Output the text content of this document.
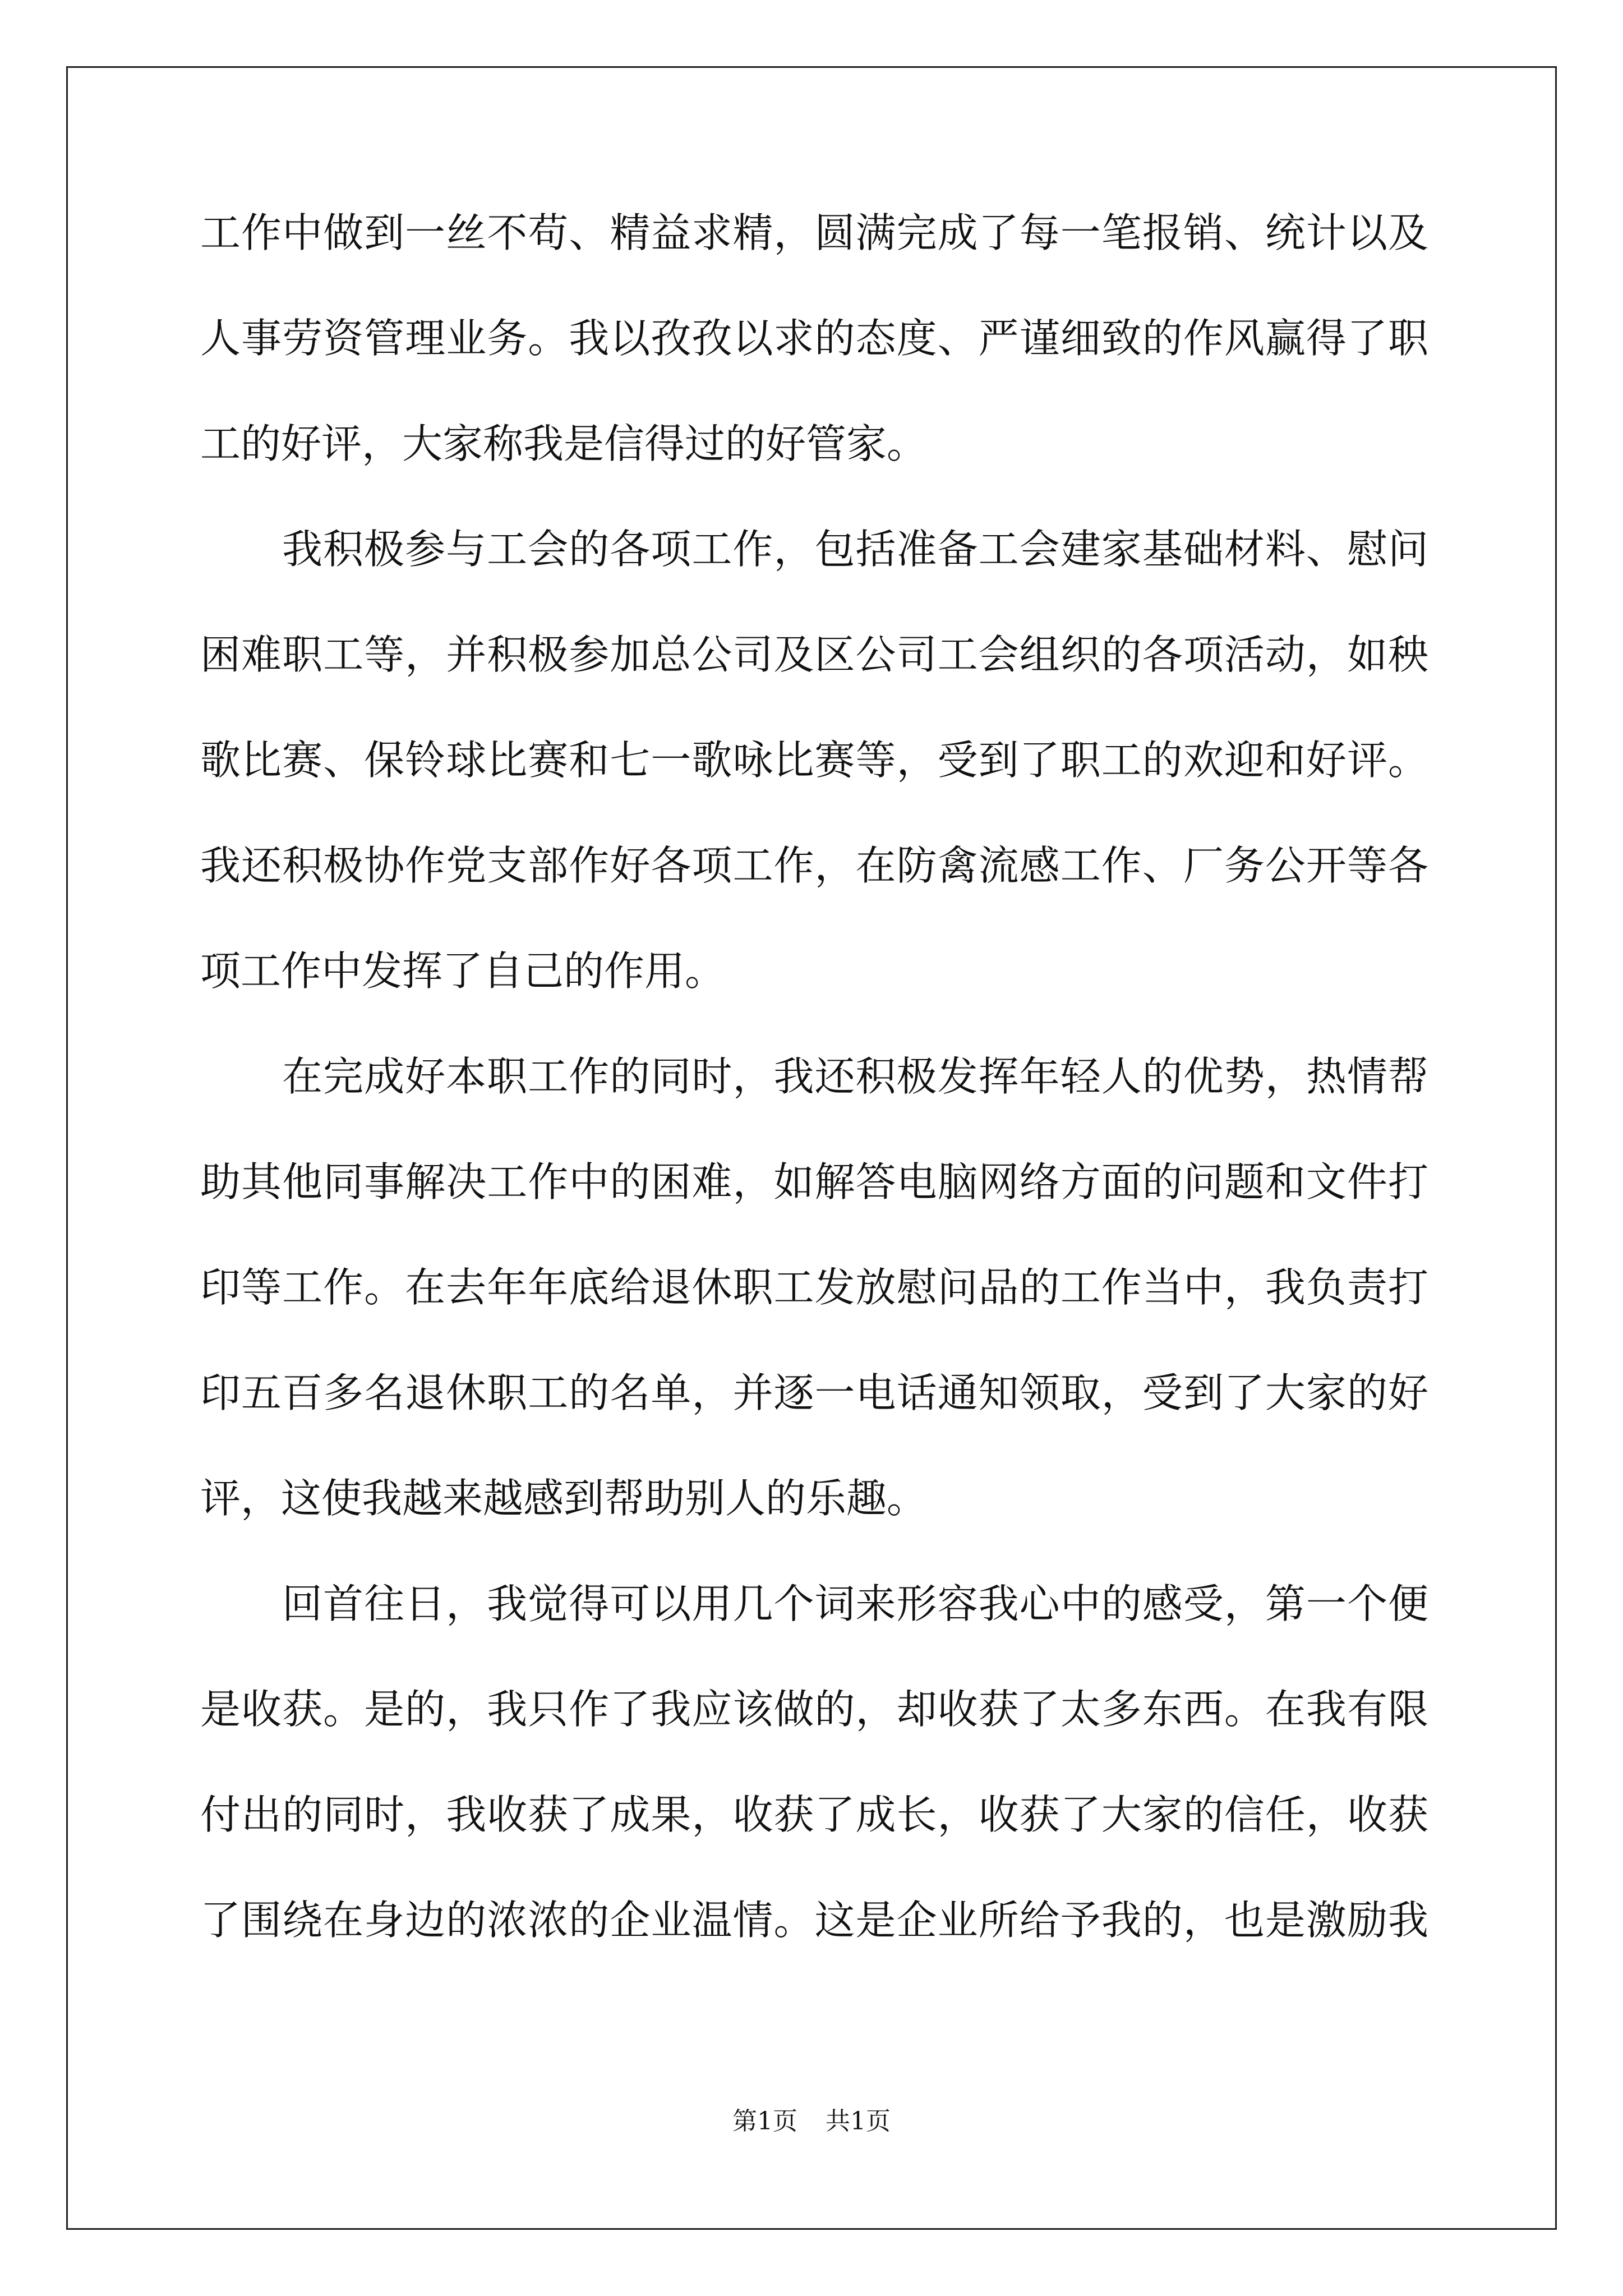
工作中做到一丝不苟、精益求精，圆满完成了每一笔报销、统计以及
人事劳资管理业务。我以孜孜以求的态度、严谨细致的作风赢得了职
工的好评，大家称我是信得过的好管家。
我积极参与工会的各项工作，包括准备工会建家基础材料、慰问
困难职工等，并积极参加总公司及区公司工会组织的各项活动，如秧
歌比赛、保铃球比赛和七一歌咏比赛等，受到了职工的欢迎和好评。
我还积极协作党支部作好各项工作，在防禽流感工作、厂务公开等各
项工作中发挥了自己的作用。
在完成好本职工作的同时，我还积极发挥年轻人的优势，热情帮
助其他同事解决工作中的困难，如解答电脑网络方面的问题和文件打
印等工作。在去年年底给退休职工发放慰问品的工作当中，我负责打
印五百多名退休职工的名单，并逐一电话通知领取，受到了大家的好
评，这使我越来越感到帮助别人的乐趣。
回首往日，我觉得可以用几个词来形容我心中的感受，第一个便
是收获。是的，我只作了我应该做的，却收获了太多东西。在我有限
付出的同时，我收获了成果，收获了成长，收获了大家的信任，收获
了围绕在身边的浓浓的企业温情。这是企业所给予我的，也是激励我
第1页 共1页
